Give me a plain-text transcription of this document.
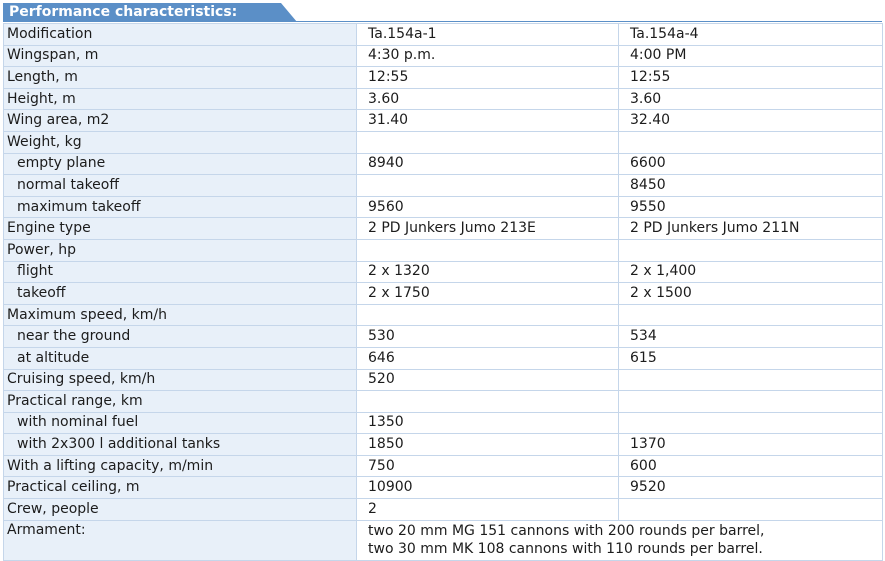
Performance characteristics:
Modification	Ta.154a-1	Ta.154a-4
Wingspan, m	4:30 p.m.	4:00 PM
Length, m	12:55	12:55
Height, m	3.60	3.60
Wing area, m2	31.40	32.40
Weight, kg		
empty plane	8940	6600
normal takeoff		8450
maximum takeoff	9560	9550
Engine type	2 PD Junkers Jumo 213E	2 PD Junkers Jumo 211N
Power, hp		
flight	2 x 1320	2 x 1,400
takeoff	2 x 1750	2 x 1500
Maximum speed, km/h		
near the ground	530	534
at altitude	646	615
Cruising speed, km/h	520	
Practical range, km		
with nominal fuel	1350	
with 2x300 l additional tanks	1850	1370
With a lifting capacity, m/min	750	600
Practical ceiling, m	10900	9520
Crew, people	2	
Armament:	two 20 mm MG 151 cannons with 200 rounds per barrel,
two 30 mm MK 108 cannons with 110 rounds per barrel.	
